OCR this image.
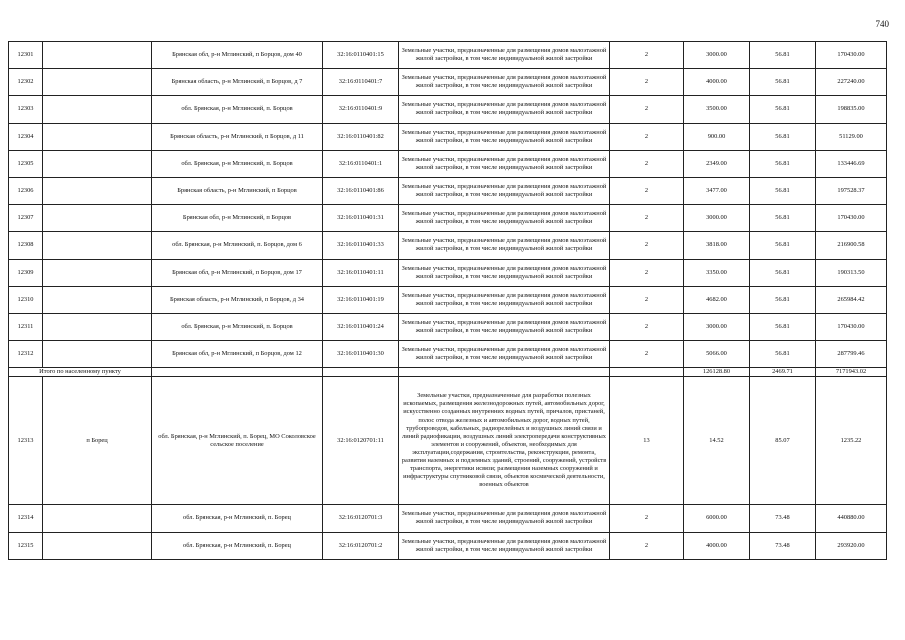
740
12301		Брянская обл, р-н Мглинский, п Борцов, дом 40	32:16:0110401:15	Земельные участки, предназначенные для размещения домов малоэтажной жилой застройки, в том числе индивидуальной жилой застройки	2	3000.00	56.81	170430.00
12302		Брянская область, р-н Мглинский, п Борцов, д 7	32:16:0110401:7	Земельные участки, предназначенные для размещения домов малоэтажной жилой застройки, в том числе индивидуальной жилой застройки	2	4000.00	56.81	227240.00
12303		обл. Брянская, р-н Мглинский, п. Борцов	32:16:0110401:9	Земельные участки, предназначенные для размещения домов малоэтажной жилой застройки, в том числе индивидуальной жилой застройки	2	3500.00	56.81	198835.00
12304		Брянская область, р-н Мглинский, п Борцов, д 11	32:16:0110401:82	Земельные участки, предназначенные для размещения домов малоэтажной жилой застройки, в том числе индивидуальной жилой застройки	2	900.00	56.81	51129.00
12305		обл. Брянская, р-н Мглинский, п. Борцов	32:16:0110401:1	Земельные участки, предназначенные для размещения домов малоэтажной жилой застройки, в том числе индивидуальной жилой застройки	2	2349.00	56.81	133446.69
12306		Брянская область, р-н Мглинский, п Борцов	32:16:0110401:86	Земельные участки, предназначенные для размещения домов малоэтажной жилой застройки, в том числе индивидуальной жилой застройки	2	3477.00	56.81	197528.37
12307		Брянская обл, р-н Мглинский, п Борцов	32:16:0110401:31	Земельные участки, предназначенные для размещения домов малоэтажной жилой застройки, в том числе индивидуальной жилой застройки	2	3000.00	56.81	170430.00
12308		обл. Брянская, р-н Мглинский, п. Борцов, дом 6	32:16:0110401:33	Земельные участки, предназначенные для размещения домов малоэтажной жилой застройки, в том числе индивидуальной жилой застройки	2	3818.00	56.81	216900.58
12309		Брянская обл, р-н Мглинский, п Борцов, дом 17	32:16:0110401:11	Земельные участки, предназначенные для размещения домов малоэтажной жилой застройки, в том числе индивидуальной жилой застройки	2	3350.00	56.81	190313.50
12310		Брянская область, р-н Мглинский, п Борцов, д 34	32:16:0110401:19	Земельные участки, предназначенные для размещения домов малоэтажной жилой застройки, в том числе индивидуальной жилой застройки	2	4682.00	56.81	265984.42
12311		обл. Брянская, р-н Мглинский, п. Борцов	32:16:0110401:24	Земельные участки, предназначенные для размещения домов малоэтажной жилой застройки, в том числе индивидуальной жилой застройки	2	3000.00	56.81	170430.00
12312		Брянская обл, р-н Мглинский, п Борцов, дом 12	32:16:0110401:30	Земельные участки, предназначенные для размещения домов малоэтажной жилой застройки, в том числе индивидуальной жилой застройки	2	5066.00	56.81	287799.46
Итого по населенному пункту						126128.80	2469.71	7171943.02
12313	п Борец	обл. Брянская, р-н Мглинский, п. Борец, МО Соколовское сельское поселение	32:16:0120701:11	Земельные участки, предназначенные для разработки полезных ископаемых, размещения железнодорожных путей, автомобильных дорог, искусственно созданных внутренних водных путей, причалов, пристаней, полос отвода железных и автомобильных дорог, водных путей, трубопроводов, кабельных, радиорелейных и воздушных линий связи и линий радиофикации, воздушных линий электропередачи конструктивных элементов и сооружений, объектов, необходимых для эксплуатации,содержания, строительства, реконструкции, ремонта, развития наземных и подземных зданий, строений, сооружений, устройств транспорта, энергетики исвязи; размещения наземных сооружений и инфраструктуры спутниковой связи, объектов космической деятельности, военных объектов	13	14.52	85.07	1235.22
12314		обл. Брянская, р-н Мглинский, п. Борец	32:16:0120701:3	Земельные участки, предназначенные для размещения домов малоэтажной жилой застройки, в том числе индивидуальной жилой застройки	2	6000.00	73.48	440880.00
12315		обл. Брянская, р-н Мглинский, п. Борец	32:16:0120701:2	Земельные участки, предназначенные для размещения домов малоэтажной жилой застройки, в том числе индивидуальной жилой застройки	2	4000.00	73.48	293920.00
